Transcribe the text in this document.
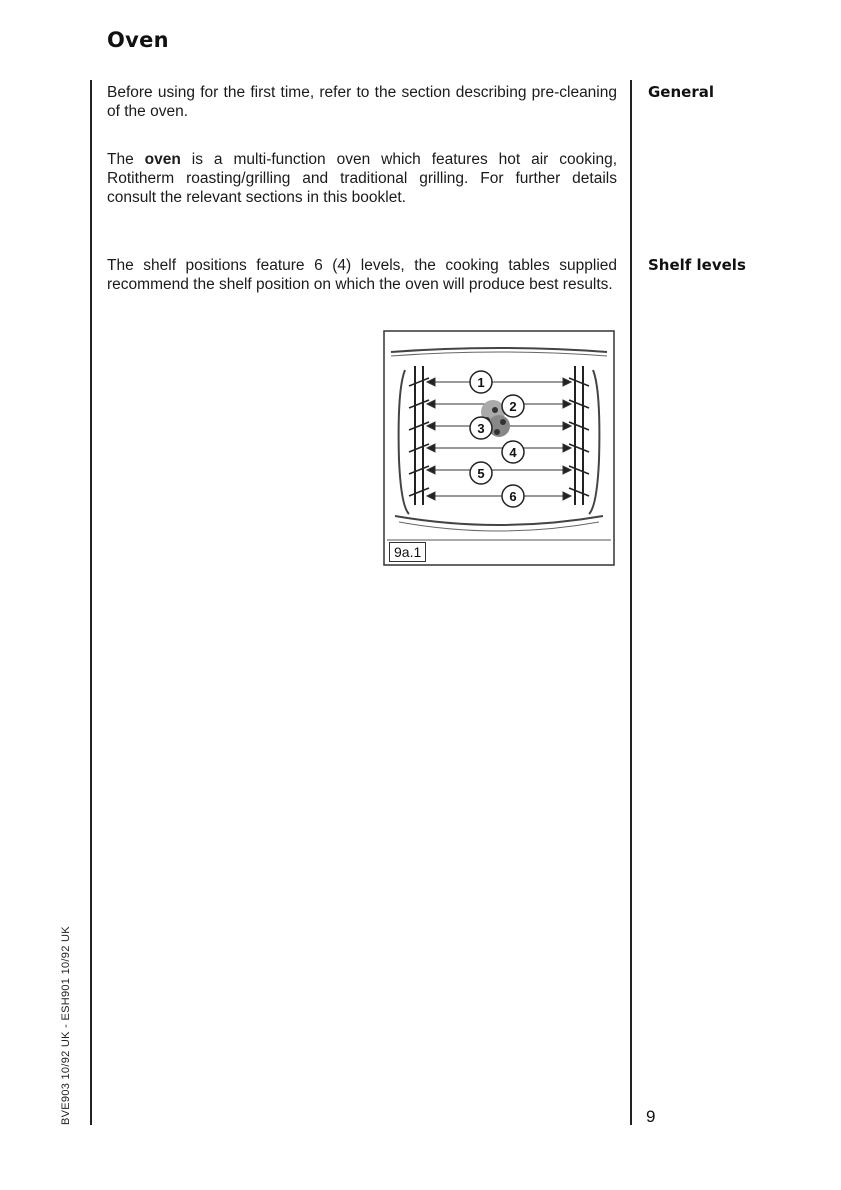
Oven
Before using for the first time, refer to the section describing pre-cleaning of the oven.
The oven is a multi-function oven which features hot air cooking, Rotitherm roasting/grilling and traditional grilling. For further details consult the relevant sections in this booklet.
General
The shelf positions feature 6 (4) levels, the cooking tables supplied recommend the shelf position on which the oven will produce best results.
Shelf levels
1
2
3
4
5
6
9a.1
BVE903 10/92 UK - ESH901 10/92 UK	9
